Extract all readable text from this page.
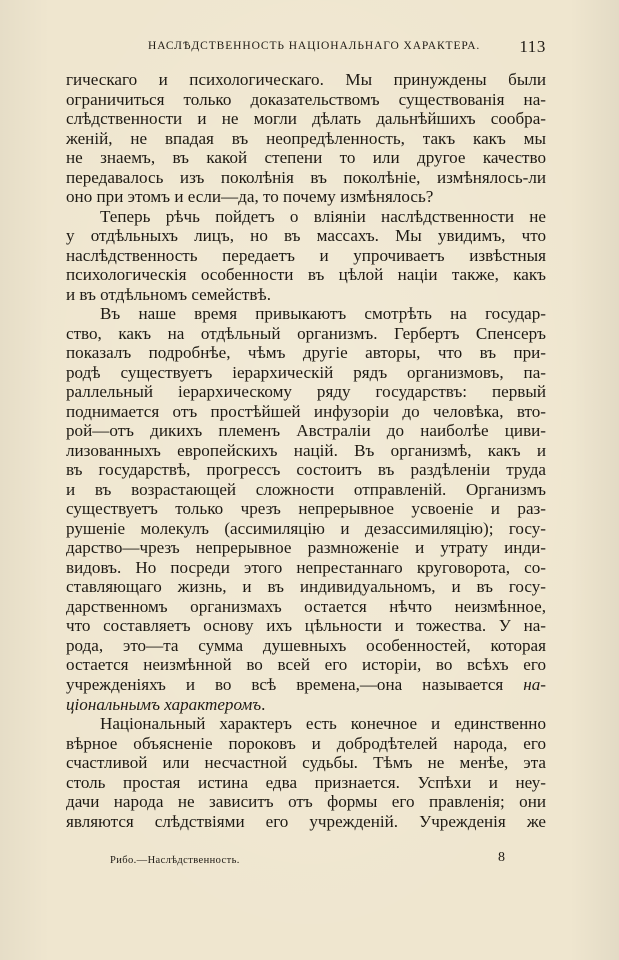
НАСЛѢДСТВЕННОСТЬ НАЦІОНАЛЬНАГО ХАРАКТЕРА. 113
гическаго и психологическаго. Мы принуждены были
ограничиться только доказательствомъ существованія на-
слѣдственности и не могли дѣлать дальнѣйшихъ сообра-
женій, не впадая въ неопредѣленность, такъ какъ мы
не знаемъ, въ какой степени то или другое качество
передавалось изъ поколѣнія въ поколѣніе, измѣнялось-ли
оно при этомъ и если—да, то почему измѣнялось?
Теперь рѣчь пойдетъ о вліяніи наслѣдственности не
у отдѣльныхъ лицъ, но въ массахъ. Мы увидимъ, что
наслѣдственность передаетъ и упрочиваетъ извѣстныя
психологическія особенности въ цѣлой націи также, какъ
и въ отдѣльномъ семействѣ.
Въ наше время привыкаютъ смотрѣть на государ-
ство, какъ на отдѣльный организмъ. Гербертъ Спенсеръ
показалъ подробнѣе, чѣмъ другіе авторы, что въ при-
родѣ существуетъ іерархическій рядъ организмовъ, па-
раллельный іерархическому ряду государствъ: первый
поднимается отъ простѣйшей инфузоріи до человѣка, вто-
рой—отъ дикихъ племенъ Австраліи до наиболѣе циви-
лизованныхъ европейскихъ націй. Въ организмѣ, какъ и
въ государствѣ, прогрессъ состоитъ въ раздѣленіи труда
и въ возрастающей сложности отправленій. Организмъ
существуетъ только чрезъ непрерывное усвоеніе и раз-
рушеніе молекулъ (ассимиляцію и дезассимиляцію); госу-
дарство—чрезъ непрерывное размноженіе и утрату инди-
видовъ. Но посреди этого непрестаннаго круговорота, со-
ставляющаго жизнь, и въ индивидуальномъ, и въ госу-
дарственномъ организмахъ остается нѣчто неизмѣнное,
что составляетъ основу ихъ цѣльности и тожества. У на-
рода, это—та сумма душевныхъ особенностей, которая
остается неизмѣнной во всей его исторіи, во всѣхъ его
учрежденіяхъ и во всѣ времена,—она называется на-
ціональнымъ характеромъ.
Національный характеръ есть конечное и единственно
вѣрное объясненіе пороковъ и добродѣтелей народа, его
счастливой или несчастной судьбы. Тѣмъ не менѣе, эта
столь простая истина едва признается. Успѣхи и неу-
дачи народа не зависитъ отъ формы его правленія; они
являются слѣдствіями его учрежденій. Учрежденія же
Рибо.—Наслѣдственность.	8
